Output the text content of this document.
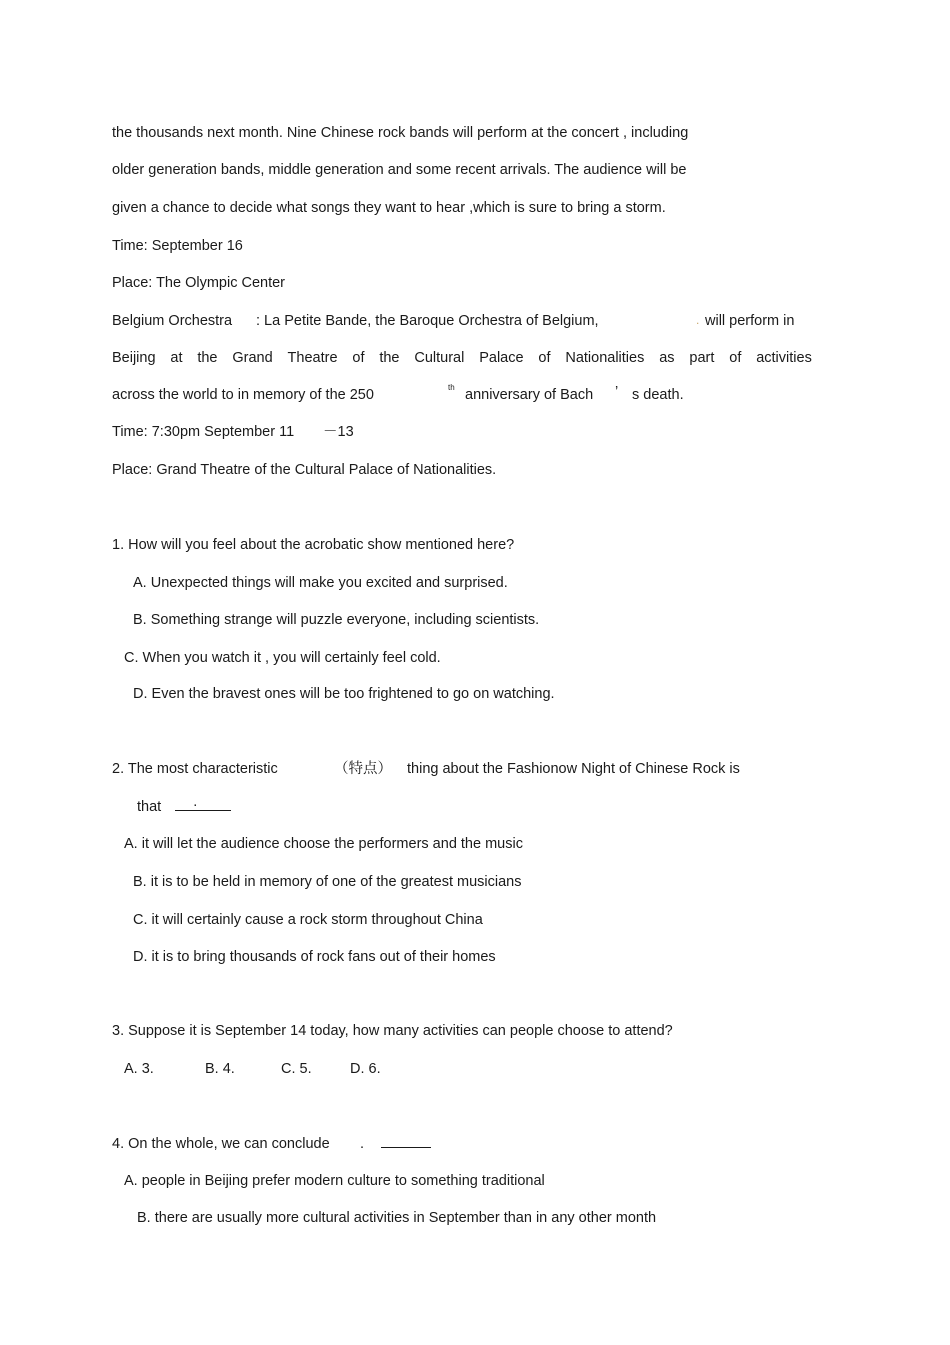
the thousands next month. Nine Chinese rock bands will perform at the concert , including
older generation bands, middle generation and some recent arrivals. The audience will be
given a chance to decide what songs they want to hear ,which is sure to bring a storm.
Time: September 16
Place: The Olympic Center
Belgium Orchestra : La Petite Bande, the Baroque Orchestra of Belgium,	. will perform in
Beijing at the Grand Theatre of the Cultural Palace of Nationalities as part of activities
across the world to in memory of the 250	th anniversary of Bach ’ s death.
Time: 7:30pm September 11 －13
Place: Grand Theatre of the Cultural Palace of Nationalities.
1. How will you feel about the acrobatic show mentioned here?
A. Unexpected things will make you excited and surprised.
B. Something strange will puzzle everyone, including scientists.
C. When you watch it , you will certainly feel cold.
D. Even the bravest ones will be too frightened to go on watching.
2. The most characteristic	（特点） thing about the Fashionow Night of Chinese Rock is
that .
A. it will let the audience choose the performers and the music
B. it is to be held in memory of one of the greatest musicians
C. it will certainly cause a rock storm throughout China
D. it is to bring thousands of rock fans out of their homes
3. Suppose it is September 14 today, how many activities can people choose to attend?
A. 3.	B. 4.	C. 5.	D. 6.
4. On the whole, we can conclude .
A. people in Beijing prefer modern culture to something traditional
B. there are usually more cultural activities in September than in any other month
